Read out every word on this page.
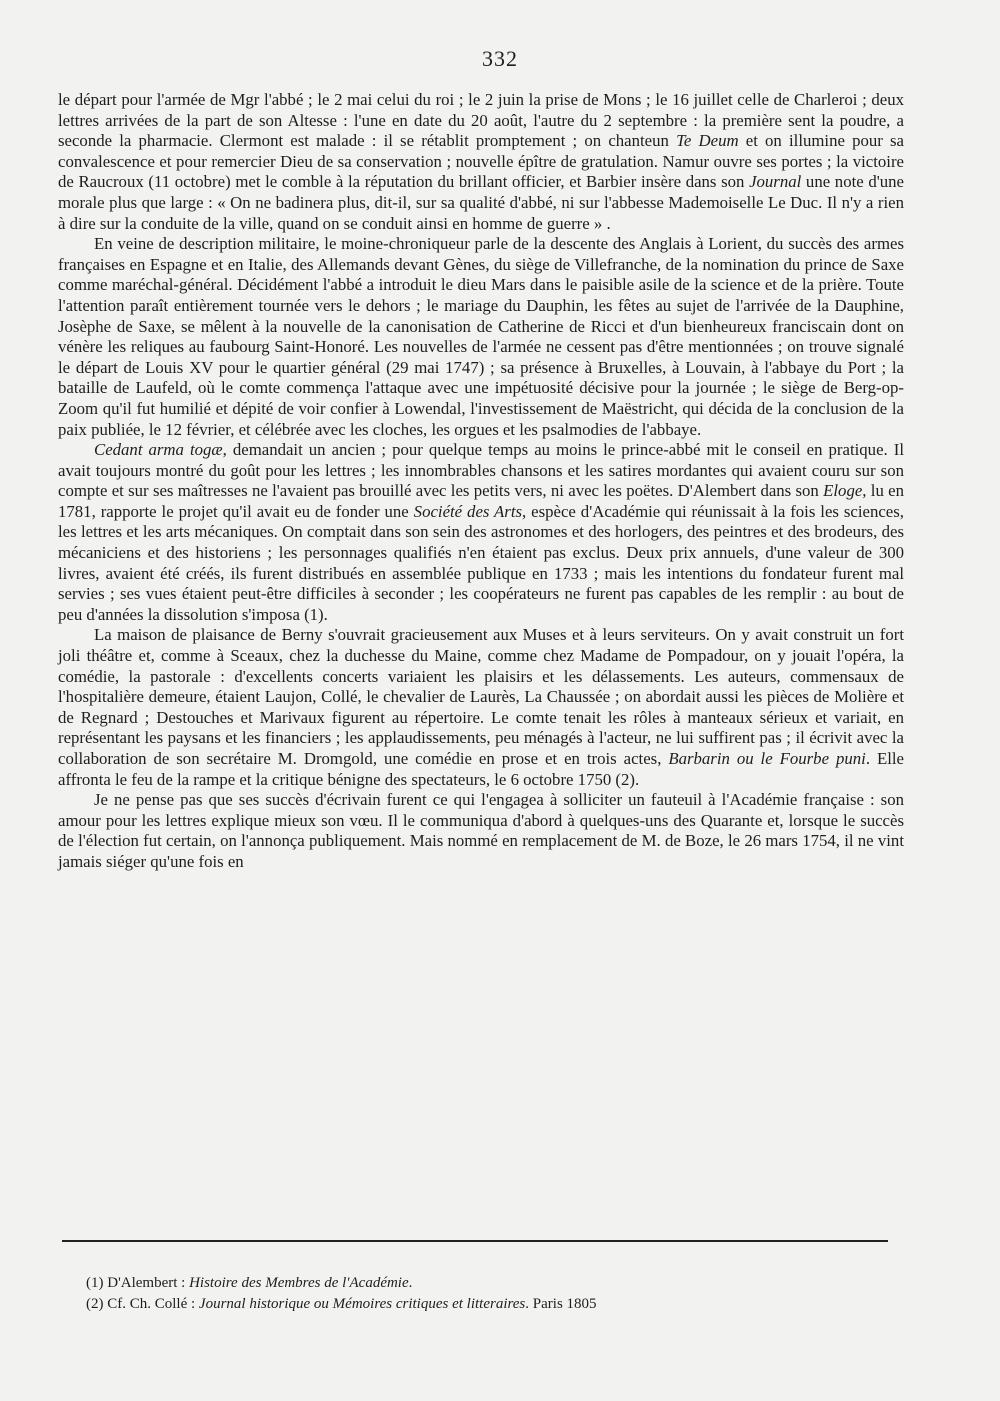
332

le départ pour l'armée de Mgr l'abbé ; le 2 mai celui du roi ; le 2 juin la prise de Mons ; le 16 juillet celle de Charleroi ; deux lettres arrivées de la part de son Altesse : l'une en date du 20 août, l'autre du 2 septembre : la première sent la poudre, a seconde la pharmacie. Clermont est malade : il se rétablit promptement ; on chanteun Te Deum et on illumine pour sa convalescence et pour remercier Dieu de sa conservation ; nouvelle épître de gratulation. Namur ouvre ses portes ; la victoire de Raucroux (11 octobre) met le comble à la réputation du brillant officier, et Barbier insère dans son Journal une note d'une morale plus que large : « On ne badinera plus, dit-il, sur sa qualité d'abbé, ni sur l'abbesse Mademoiselle Le Duc. Il n'y a rien à dire sur la conduite de la ville, quand on se conduit ainsi en homme de guerre » .

En veine de description militaire, le moine-chroniqueur parle de la descente des Anglais à Lorient, du succès des armes françaises en Espagne et en Italie, des Allemands devant Gènes, du siège de Villefranche, de la nomination du prince de Saxe comme maréchal-général. Décidément l'abbé a introduit le dieu Mars dans le paisible asile de la science et de la prière. Toute l'attention paraît entièrement tournée vers le dehors ; le mariage du Dauphin, les fêtes au sujet de l'arrivée de la Dauphine, Josèphe de Saxe, se mêlent à la nouvelle de la canonisation de Catherine de Ricci et d'un bienheureux franciscain dont on vénère les reliques au faubourg Saint-Honoré. Les nouvelles de l'armée ne cessent pas d'être mentionnées ; on trouve signalé le départ de Louis XV pour le quartier général (29 mai 1747) ; sa présence à Bruxelles, à Louvain, à l'abbaye du Port ; la bataille de Laufeld, où le comte commença l'attaque avec une impétuosité décisive pour la journée ; le siège de Berg-op-Zoom qu'il fut humilié et dépité de voir confier à Lowendal, l'investissement de Maëstricht, qui décida de la conclusion de la paix publiée, le 12 février, et célébrée avec les cloches, les orgues et les psalmodies de l'abbaye.

Cedant arma togæ, demandait un ancien ; pour quelque temps au moins le prince-abbé mit le conseil en pratique. Il avait toujours montré du goût pour les lettres ; les innombrables chansons et les satires mordantes qui avaient couru sur son compte et sur ses maîtresses ne l'avaient pas brouillé avec les petits vers, ni avec les poëtes. D'Alembert dans son Eloge, lu en 1781, rapporte le projet qu'il avait eu de fonder une Société des Arts, espèce d'Académie qui réunissait à la fois les sciences, les lettres et les arts mécaniques. On comptait dans son sein des astronomes et des horlogers, des peintres et des brodeurs, des mécaniciens et des historiens ; les personnages qualifiés n'en étaient pas exclus. Deux prix annuels, d'une valeur de 300 livres, avaient été créés, ils furent distribués en assemblée publique en 1733 ; mais les intentions du fondateur furent mal servies ; ses vues étaient peut-être difficiles à seconder ; les coopérateurs ne furent pas capables de les remplir : au bout de peu d'années la dissolution s'imposa (1).

La maison de plaisance de Berny s'ouvrait gracieusement aux Muses et à leurs serviteurs. On y avait construit un fort joli théâtre et, comme à Sceaux, chez la duchesse du Maine, comme chez Madame de Pompadour, on y jouait l'opéra, la comédie, la pastorale : d'excellents concerts variaient les plaisirs et les délassements. Les auteurs, commensaux de l'hospitalière demeure, étaient Laujon, Collé, le chevalier de Laurès, La Chaussée ; on abordait aussi les pièces de Molière et de Regnard ; Destouches et Marivaux figurent au répertoire. Le comte tenait les rôles à manteaux sérieux et variait, en représentant les paysans et les financiers ; les applaudissements, peu ménagés à l'acteur, ne lui suffirent pas ; il écrivit avec la collaboration de son secrétaire M. Dromgold, une comédie en prose et en trois actes, Barbarin ou le Fourbe puni. Elle affronta le feu de la rampe et la critique bénigne des spectateurs, le 6 octobre 1750 (2).

Je ne pense pas que ses succès d'écrivain furent ce qui l'engagea à solliciter un fauteuil à l'Académie française : son amour pour les lettres explique mieux son vœu. Il le communiqua d'abord à quelques-uns des Quarante et, lorsque le succès de l'élection fut certain, on l'annonça publiquement. Mais nommé en remplacement de M. de Boze, le 26 mars 1754, il ne vint jamais siéger qu'une fois en

(1) D'Alembert : Histoire des Membres de l'Académie.
(2) Cf. Ch. Collé : Journal historique ou Mémoires critiques et litteraires. Paris 1805
